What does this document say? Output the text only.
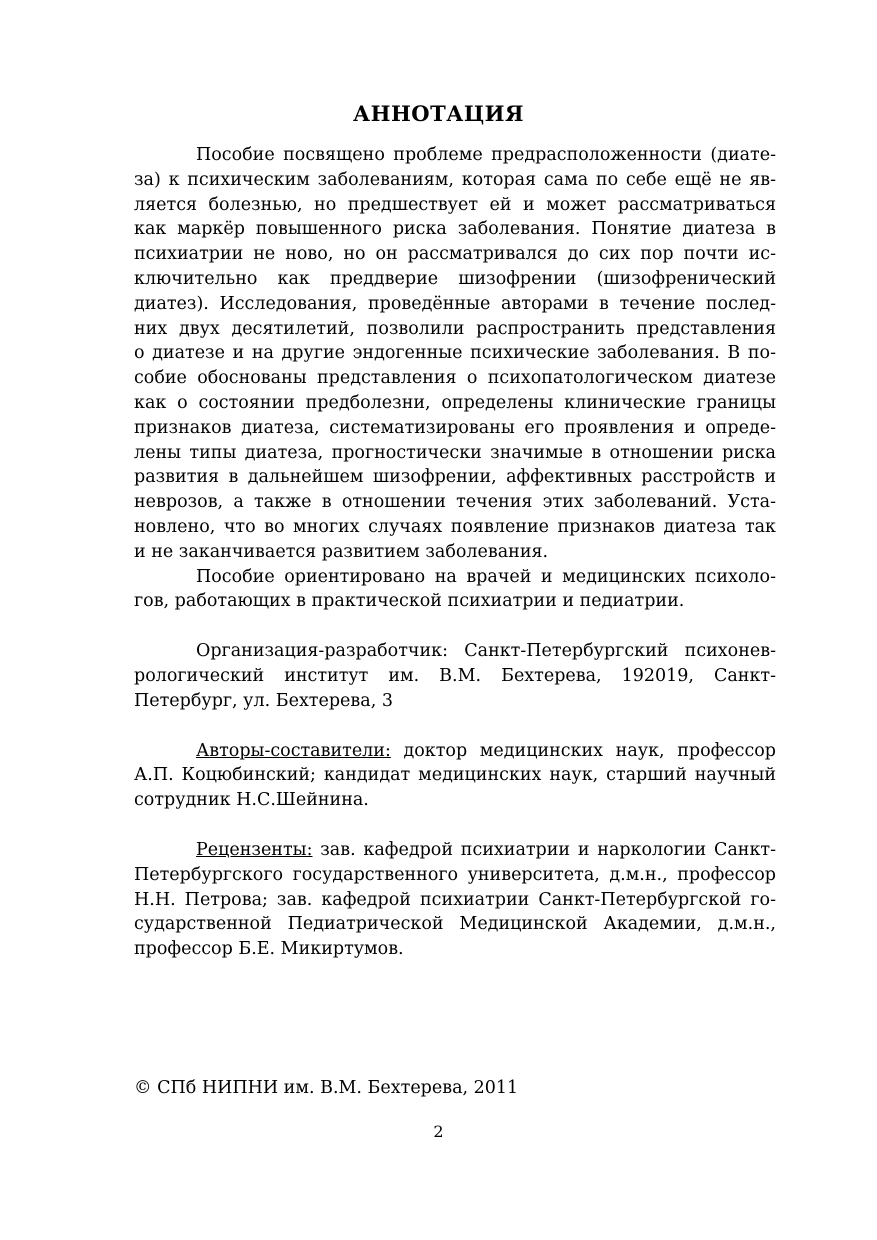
АННОТАЦИЯ

Пособие посвящено проблеме предрасположенности (диате-
за) к психическим заболеваниям, которая сама по себе ещё не яв-
ляется болезнью, но предшествует ей и может рассматриваться
как маркёр повышенного риска заболевания. Понятие диатеза в
психиатрии не ново, но он рассматривался до сих пор почти ис-
ключительно как преддверие шизофрении (шизофренический
диатез). Исследования, проведённые авторами в течение послед-
них двух десятилетий, позволили распространить представления
о диатезе и на другие эндогенные психические заболевания. В по-
собие обоснованы представления о психопатологическом диатезе
как о состоянии предболезни, определены клинические границы
признаков диатеза, систематизированы его проявления и опреде-
лены типы диатеза, прогностически значимые в отношении риска
развития в дальнейшем шизофрении, аффективных расстройств и
неврозов, а также в отношении течения этих заболеваний. Уста-
новлено, что во многих случаях появление признаков диатеза так
и не заканчивается развитием заболевания.

Пособие ориентировано на врачей и медицинских психоло-
гов, работающих в практической психиатрии и педиатрии.

Организация-разработчик: Санкт-Петербургский психонев-
рологический институт им. В.М. Бехтерева, 192019, Санкт-
Петербург, ул. Бехтерева, 3

Авторы-составители: доктор медицинских наук, профессор
А.П. Коцюбинский; кандидат медицинских наук, старший научный
сотрудник Н.С.Шейнина.

Рецензенты: зав. кафедрой психиатрии и наркологии Санкт-
Петербургского государственного университета, д.м.н., профессор
Н.Н. Петрова; зав. кафедрой психиатрии Санкт-Петербургской го-
сударственной Педиатрической Медицинской Академии, д.м.н.,
профессор Б.Е. Микиртумов.

© СПб НИПНИ им. В.М. Бехтерева, 2011

2
